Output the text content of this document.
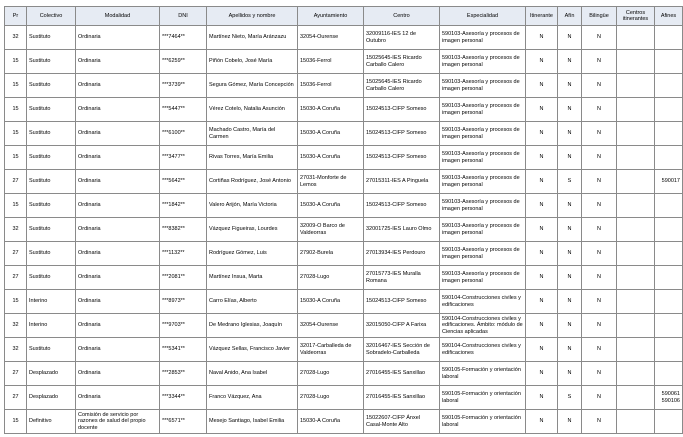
Pr	Colectivo	Modalidad	DNI	Apellidos y nombre	Ayuntamiento	Centro	Especialidad	Itinerante	Afín	Bilingüe	Centros itinerantes	Afines
32	Sustituto	Ordinaria	***7464**	Martínez Nieto, María Aránzazu	32054-Ourense	32009116-IES 12 de Outubro	590103-Asesoría y procesos de imagen personal	N	N	N		
15	Sustituto	Ordinaria	***6259**	Piñón Cobelo, José María	15036-Ferrol	15025645-IES Ricardo Carballo Calero	590103-Asesoría y procesos de imagen personal	N	N	N		
15	Sustituto	Ordinaria	***3739**	Segura Gómez, María Concepción	15036-Ferrol	15025645-IES Ricardo Carballo Calero	590103-Asesoría y procesos de imagen personal	N	N	N		
15	Sustituto	Ordinaria	***5447**	Vérez Cotelo, Natalia Asunción	15030-A Coruña	15024513-CIFP Someso	590103-Asesoría y procesos de imagen personal	N	N	N		
15	Sustituto	Ordinaria	***6100**	Machado Castro, María del Carmen	15030-A Coruña	15024513-CIFP Someso	590103-Asesoría y procesos de imagen personal	N	N	N		
15	Sustituto	Ordinaria	***3477**	Rivas Torres, María Emilia	15030-A Coruña	15024513-CIFP Someso	590103-Asesoría y procesos de imagen personal	N	N	N		
27	Sustituto	Ordinaria	***5642**	Cortiñas Rodríguez, José Antonio	27031-Monforte de Lemos	27015311-IES A Pinguela	590103-Asesoría y procesos de imagen personal	N	S	N		590017
15	Sustituto	Ordinaria	***1842**	Valero Arijón, María Victoria	15030-A Coruña	15024513-CIFP Someso	590103-Asesoría y procesos de imagen personal	N	N	N		
32	Sustituto	Ordinaria	***8382**	Vázquez Figueiras, Lourdes	32009-O Barco de Valdeorras	32001725-IES Lauro Olmo	590103-Asesoría y procesos de imagen personal	N	N	N		
27	Sustituto	Ordinaria	***1132**	Rodríguez Gómez, Luis	27902-Burela	27013934-IES Perdouro	590103-Asesoría y procesos de imagen personal	N	N	N		
27	Sustituto	Ordinaria	***2081**	Martínez Insua, Marta	27028-Lugo	27015773-IES Muralla Romana	590103-Asesoría y procesos de imagen personal	N	N	N		
15	Interino	Ordinaria	***8973**	Carro Elías, Alberto	15030-A Coruña	15024513-CIFP Someso	590104-Construcciones civiles y edificaciones	N	N	N		
32	Interino	Ordinaria	***9703**	De Medrano Iglesias, Joaquín	32054-Ourense	32015050-CIFP A Farixa	590104-Construcciones civiles y edificaciones. Ámbito: módulo de Ciencias aplicadas	N	N	N		
32	Sustituto	Ordinaria	***5341**	Vázquez Sellas, Francisco Javier	32017-Carballeda de Valdeorras	32016467-IES Sección de Sobradelo-Carballeda	590104-Construcciones civiles y edificaciones	N	N	N		
27	Desplazado	Ordinaria	***2853**	Naval Anido, Ana Isabel	27028-Lugo	27016455-IES Sanxillao	590105-Formación y orientación laboral	N	N	N		
27	Desplazado	Ordinaria	***3344**	Franco Vázquez, Ana	27028-Lugo	27016455-IES Sanxillao	590105-Formación y orientación laboral	N	S	N		590061 590106
15	Definitivo	Comisión de servicio por razones de salud del propio docente	***6571**	Mesejo Santiago, Isabel Emilia	15030-A Coruña	15022607-CIFP Ánxel Casal-Monte Alto	590105-Formación y orientación laboral	N	N	N		
